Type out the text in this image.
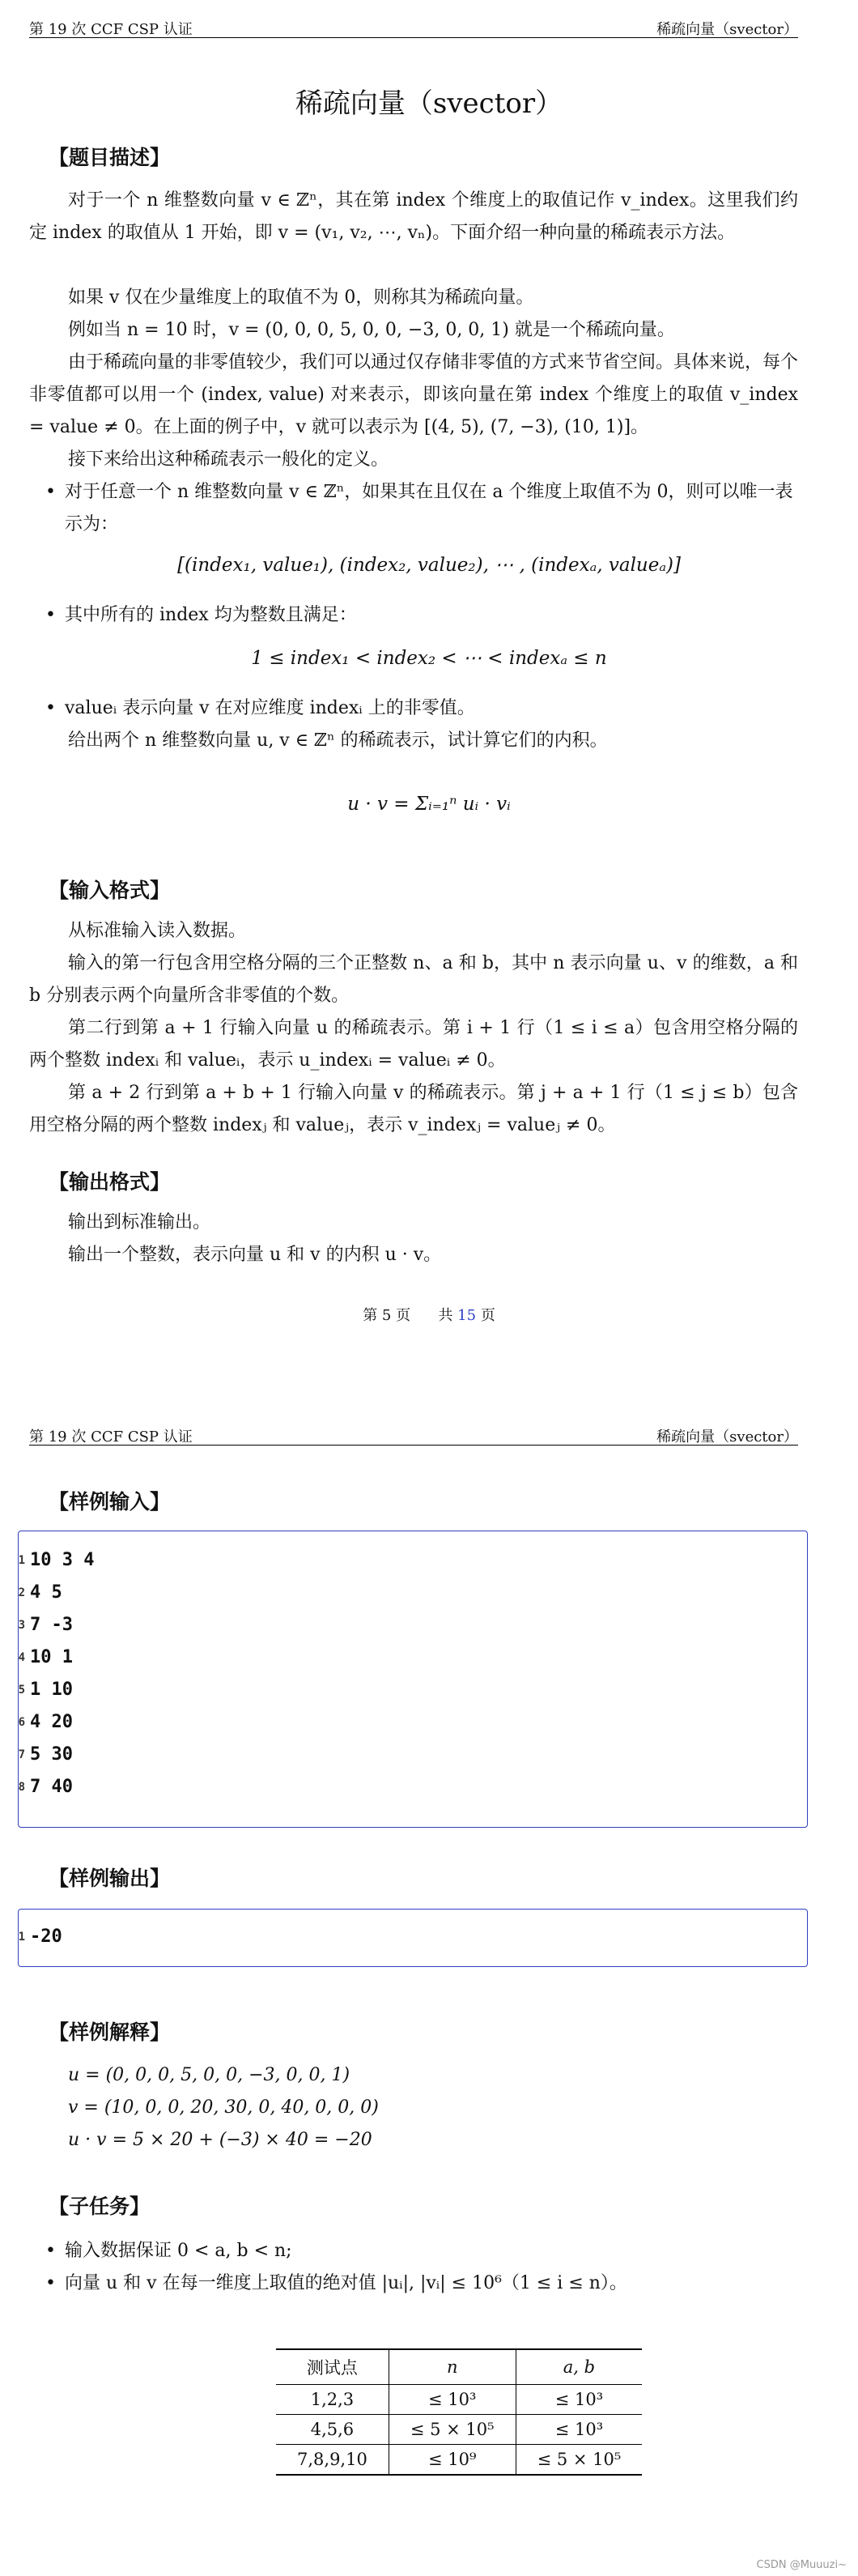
第 19 次 CCF CSP 认证	稀疏向量（svector）
稀疏向量（svector）
【题目描述】
对于一个 n 维整数向量 v ∈ ℤⁿ，其在第 index 个维度上的取值记作 v_index。这里我们约定 index 的取值从 1 开始，即 v = (v₁, v₂, ⋯, vₙ)。下面介绍一种向量的稀疏表示方法。
如果 v 仅在少量维度上的取值不为 0，则称其为稀疏向量。
例如当 n = 10 时，v = (0, 0, 0, 5, 0, 0, −3, 0, 0, 1) 就是一个稀疏向量。
由于稀疏向量的非零值较少，我们可以通过仅存储非零值的方式来节省空间。具体来说，每个非零值都可以用一个 (index, value) 对来表示，即该向量在第 index 个维度上的取值 v_index = value ≠ 0。在上面的例子中，v 就可以表示为 [(4, 5), (7, −3), (10, 1)]。
接下来给出这种稀疏表示一般化的定义。
• 对于任意一个 n 维整数向量 v ∈ ℤⁿ，如果其在且仅在 a 个维度上取值不为 0，则可以唯一表示为：
[(index₁, value₁), (index₂, value₂), ⋯ , (indexₐ, valueₐ)]
• 其中所有的 index 均为整数且满足：
1 ≤ index₁ < index₂ < ⋯ < indexₐ ≤ n
• valueᵢ 表示向量 v 在对应维度 indexᵢ 上的非零值。
给出两个 n 维整数向量 u, v ∈ ℤⁿ 的稀疏表示，试计算它们的内积。
u · v = Σᵢ₌₁ⁿ uᵢ · vᵢ
【输入格式】
从标准输入读入数据。
输入的第一行包含用空格分隔的三个正整数 n、a 和 b，其中 n 表示向量 u、v 的维数，a 和 b 分别表示两个向量所含非零值的个数。
第二行到第 a + 1 行输入向量 u 的稀疏表示。第 i + 1 行（1 ≤ i ≤ a）包含用空格分隔的两个整数 indexᵢ 和 valueᵢ，表示 u_indexᵢ = valueᵢ ≠ 0。
第 a + 2 行到第 a + b + 1 行输入向量 v 的稀疏表示。第 j + a + 1 行（1 ≤ j ≤ b）包含用空格分隔的两个整数 indexⱼ 和 valueⱼ，表示 v_indexⱼ = valueⱼ ≠ 0。
【输出格式】
输出到标准输出。
输出一个整数，表示向量 u 和 v 的内积 u · v。
第 5 页 共 15 页
第 19 次 CCF CSP 认证	稀疏向量（svector）
【样例输入】
1 10 3 4
2 4 5
3 7 -3
4 10 1
5 1 10
6 4 20
7 5 30
8 7 40
【样例输出】
1 -20
【样例解释】
u = (0, 0, 0, 5, 0, 0, −3, 0, 0, 1)
v = (10, 0, 0, 20, 30, 0, 40, 0, 0, 0)
u · v = 5 × 20 + (−3) × 40 = −20
【子任务】
• 输入数据保证 0 < a, b < n;
• 向量 u 和 v 在每一维度上取值的绝对值 |uᵢ|, |vᵢ| ≤ 10⁶（1 ≤ i ≤ n）。
测试点	n	a, b
1,2,3	≤ 10³	≤ 10³
4,5,6	≤ 5 × 10⁵	≤ 10³
7,8,9,10	≤ 10⁹	≤ 5 × 10⁵
CSDN @Muuuzi~
